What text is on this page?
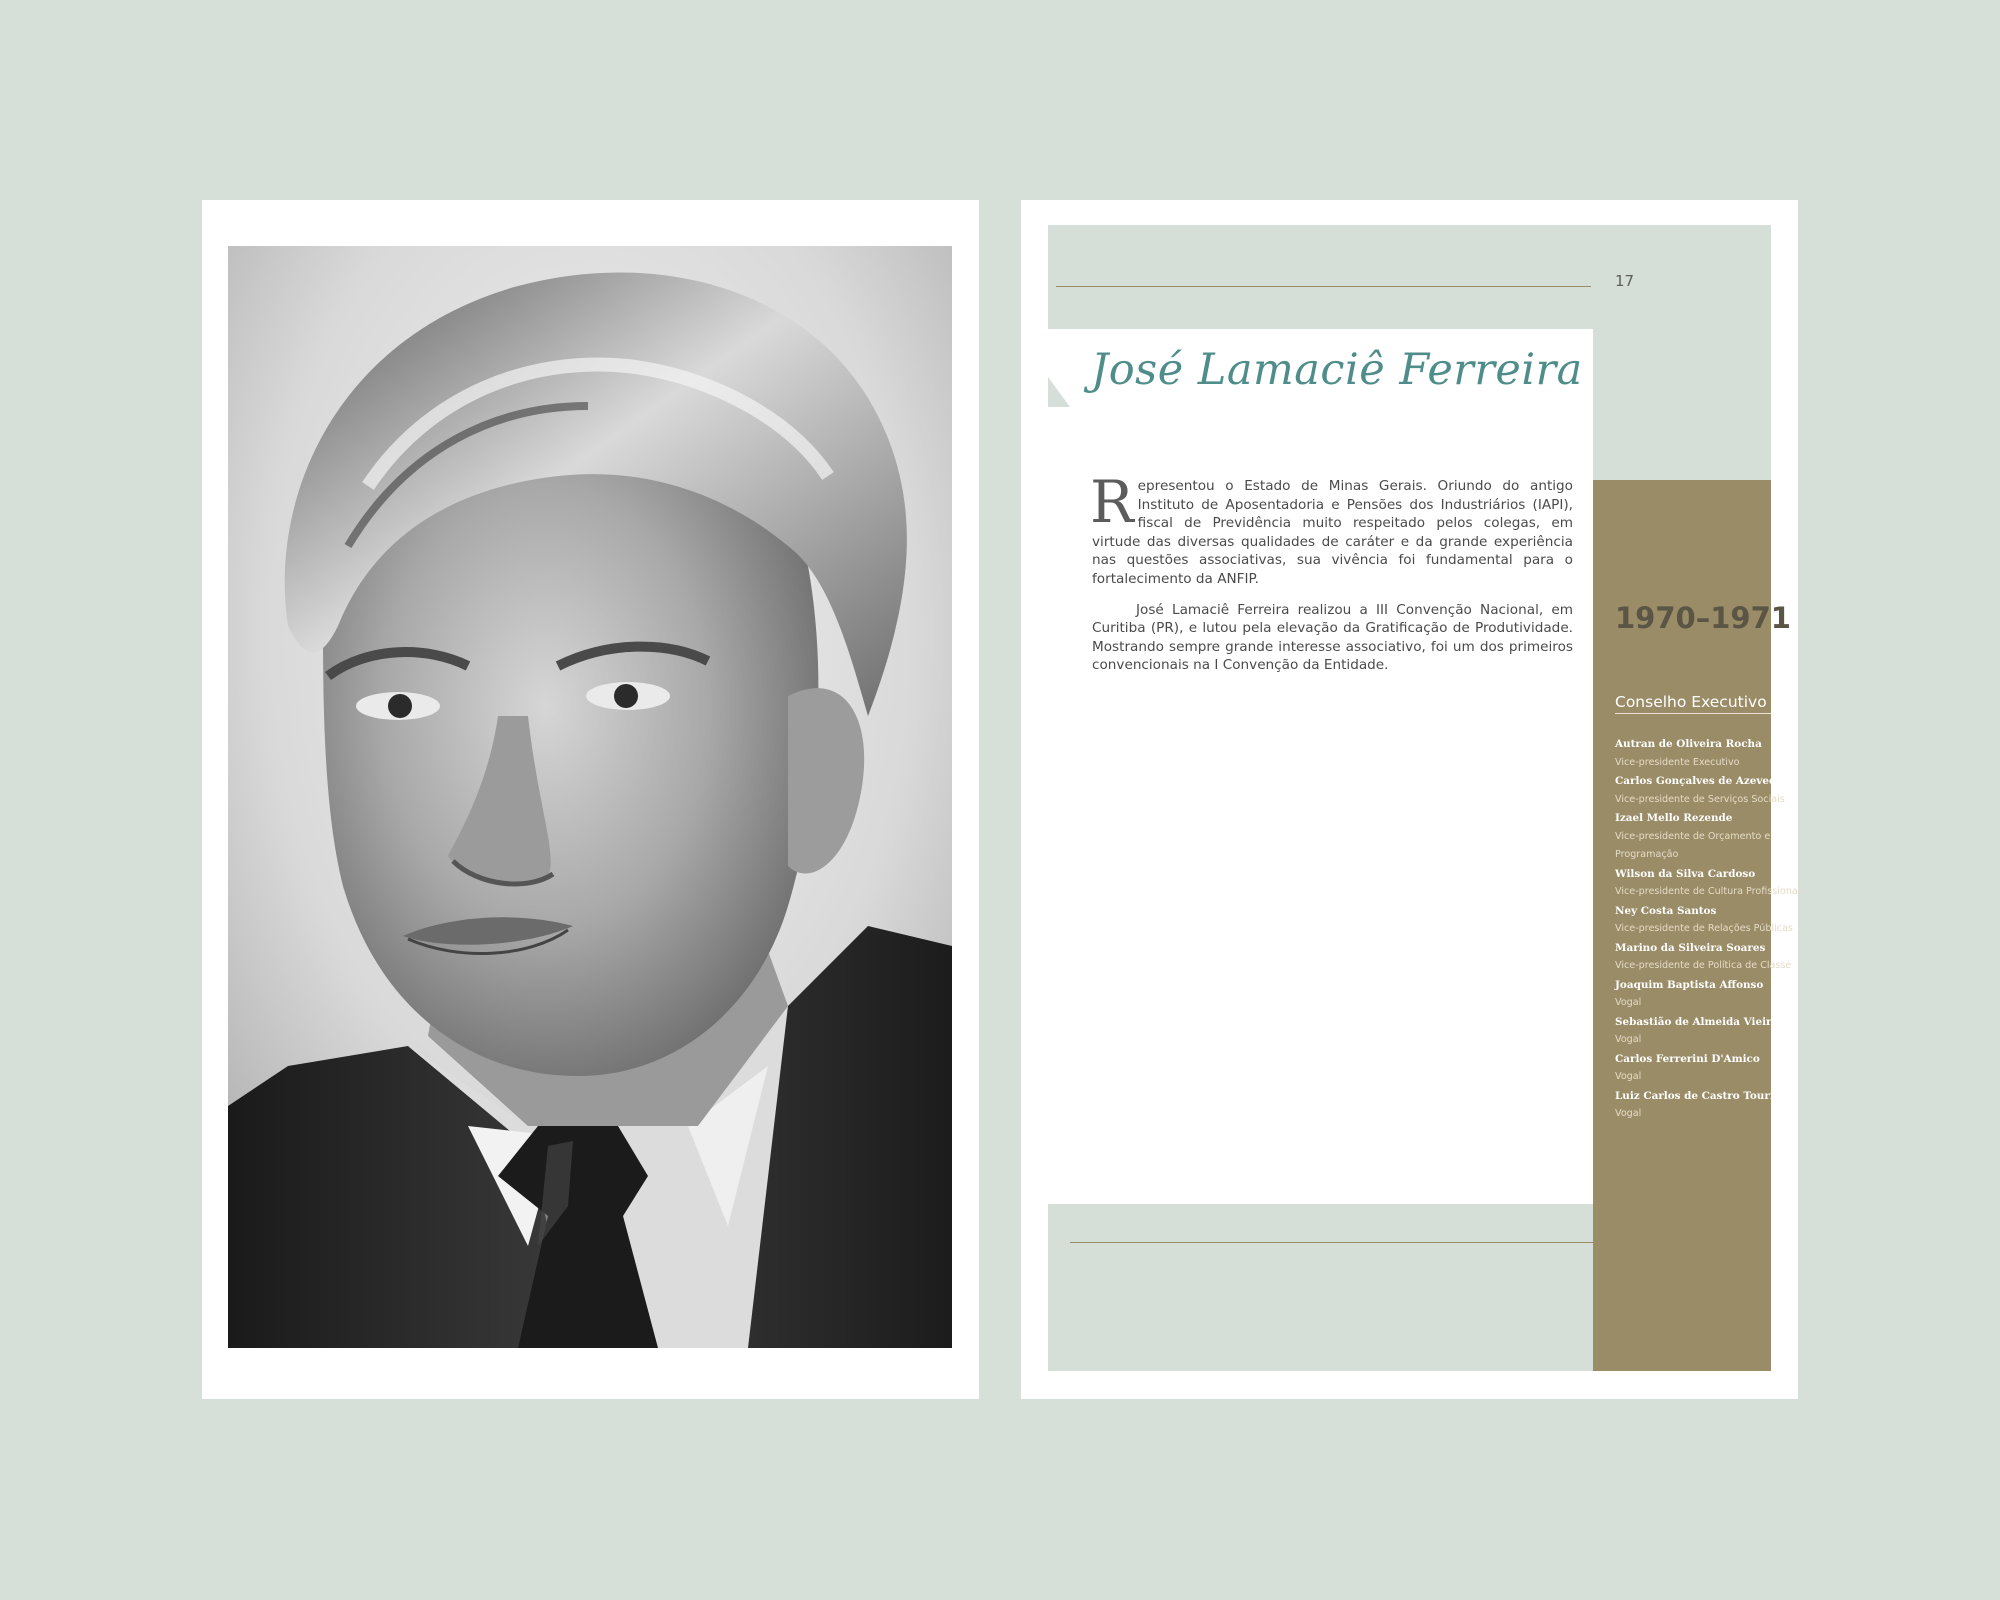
17
José Lamaciê Ferreira

Representou o Estado de Minas Gerais. Oriundo do antigo Instituto de Aposentadoria e Pensões dos Industriários (IAPI), fiscal de Previdência muito respeitado pelos colegas, em virtude das diversas qualidades de caráter e da grande experiência nas questões associativas, sua vivência foi fundamental para o fortalecimento da ANFIP.

José Lamaciê Ferreira realizou a III Convenção Nacional, em Curitiba (PR), e lutou pela elevação da Gratificação de Produtividade. Mostrando sempre grande interesse associativo, foi um dos primeiros convencionais na I Convenção da Entidade.

1970–1971
Conselho Executivo

Autran de Oliveira Rocha
Vice-presidente Executivo

Carlos Gonçalves de Azevedo
Vice-presidente de Serviços Sociais

Izael Mello Rezende
Vice-presidente de Orçamento e
Programação

Wilson da Silva Cardoso
Vice-presidente de Cultura Profissional

Ney Costa Santos
Vice-presidente de Relações Públicas

Marino da Silveira Soares
Vice-presidente de Política de Classe

Joaquim Baptista Affonso
Vogal

Sebastião de Almeida Vieira
Vogal

Carlos Ferrerini D'Amico
Vogal

Luiz Carlos de Castro Tourinho
Vogal
